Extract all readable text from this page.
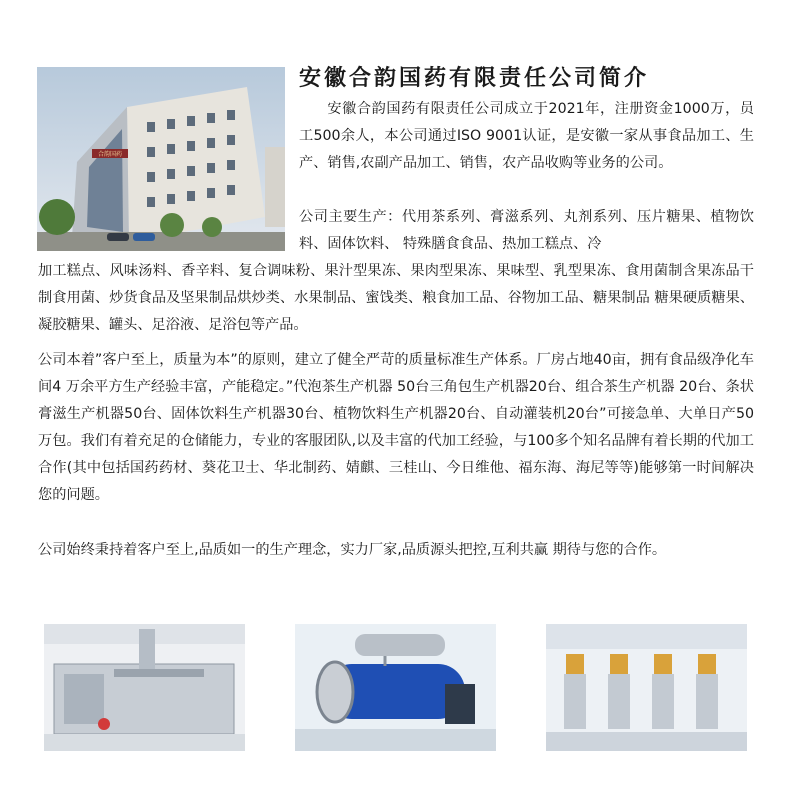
合韵国药
安徽合韵国药有限责任公司简介

安徽合韵国药有限责任公司成立于2021年，注册资金1000万，员工500余人，本公司通过ISO 9001认证，是安徽一家从事食品加工、生产、销售,农副产品加工、销售，农产品收购等业务的公司。

公司主要生产：代用茶系列、膏滋系列、丸剂系列、压片糖果、植物饮料、固体饮料、 特殊膳食食品、热加工糕点、冷

加工糕点、风味汤料、香辛料、复合调味粉、果汁型果冻、果肉型果冻、果味型、乳型果冻、食用菌制含果冻品干制食用菌、炒货食品及坚果制品烘炒类、水果制品、蜜饯类、粮食加工品、谷物加工品、糖果制品 糖果硬质糖果、凝胶糖果、罐头、足浴液、足浴包等产品。

公司本着”客户至上，质量为本”的原则，建立了健全严苛的质量标准生产体系。厂房占地40亩，拥有食品级净化车间4 万余平方生产经验丰富，产能稳定。”代泡茶生产机器 50台三角包生产机器20台、组合茶生产机器 20台、条状膏滋生产机器50台、固体饮料生产机器30台、植物饮料生产机器20台、自动灌装机20台”可接急单、大单日产50 万包。我们有着充足的仓储能力，专业的客服团队,以及丰富的代加工经验，与100多个知名品牌有着长期的代加工合作(其中包括国药药材、葵花卫士、华北制药、婧麒、三桂山、今日维他、福东海、海尼等等)能够第一时间解决您的问题。

公司始终秉持着客户至上,品质如一的生产理念，实力厂家,品质源头把控,互利共赢 期待与您的合作。
